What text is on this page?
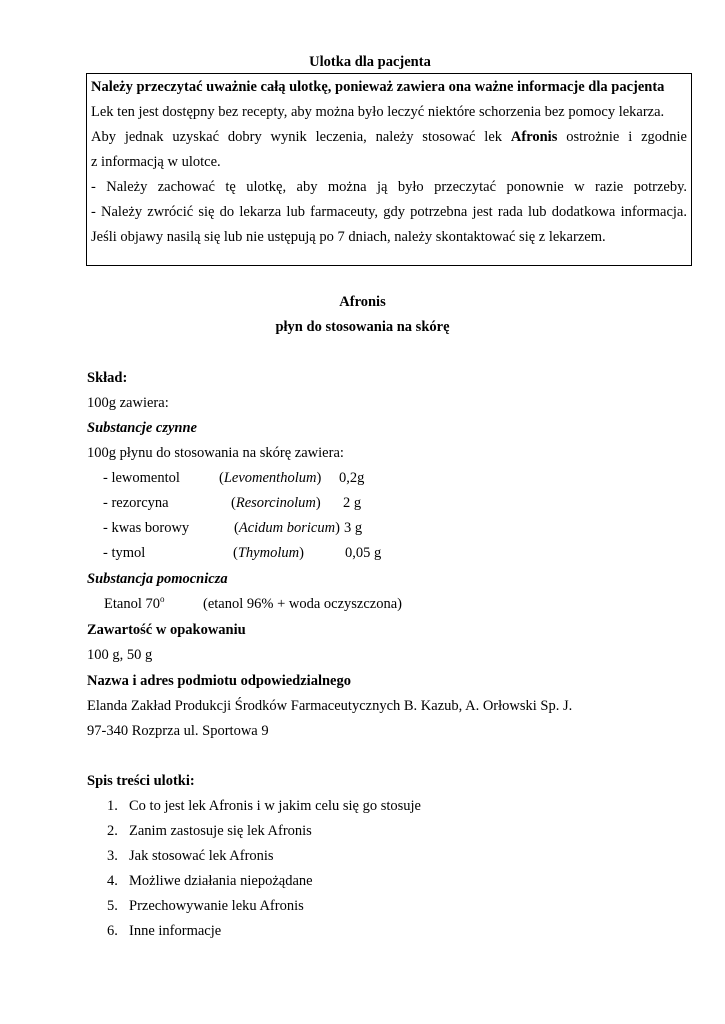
Ulotka dla pacjenta
Należy przeczytać uważnie całą ulotkę, ponieważ zawiera ona ważne informacje dla pacjenta
Lek ten jest dostępny bez recepty, aby można było leczyć niektóre schorzenia bez pomocy lekarza.
Aby jednak uzyskać dobry wynik leczenia, należy stosować lek Afronis ostrożnie i zgodnie
z informacją w ulotce.
- Należy zachować tę ulotkę, aby można ją było przeczytać ponownie w razie potrzeby.
- Należy zwrócić się do lekarza lub farmaceuty, gdy potrzebna jest rada lub dodatkowa informacja.
Jeśli objawy nasilą się lub nie ustępują po 7 dniach, należy skontaktować się z lekarzem.
Afronis
płyn do stosowania na skórę
Skład:
100g zawiera:
Substancje czynne
100g płynu do stosowania na skórę zawiera:
- lewomentol	(Levomentholum) 0,2g
- rezorcyna	(Resorcinolum) 2 g
- kwas borowy	(Acidum boricum) 3 g
- tymol	(Thymolum)	0,05 g
Substancja pomocnicza
Etanol 70$^o$	(etanol 96% + woda oczyszczona)
Zawartość w opakowaniu
100 g, 50 g
Nazwa i adres podmiotu odpowiedzialnego
Elanda Zakład Produkcji Środków Farmaceutycznych B. Kazub, A. Orłowski Sp. J.
97-340 Rozprza ul. Sportowa 9
Spis treści ulotki:
1. Co to jest lek Afronis i w jakim celu się go stosuje
2. Zanim zastosuje się lek Afronis
3. Jak stosować lek Afronis
4. Możliwe działania niepożądane
5. Przechowywanie leku Afronis
6. Inne informacje
